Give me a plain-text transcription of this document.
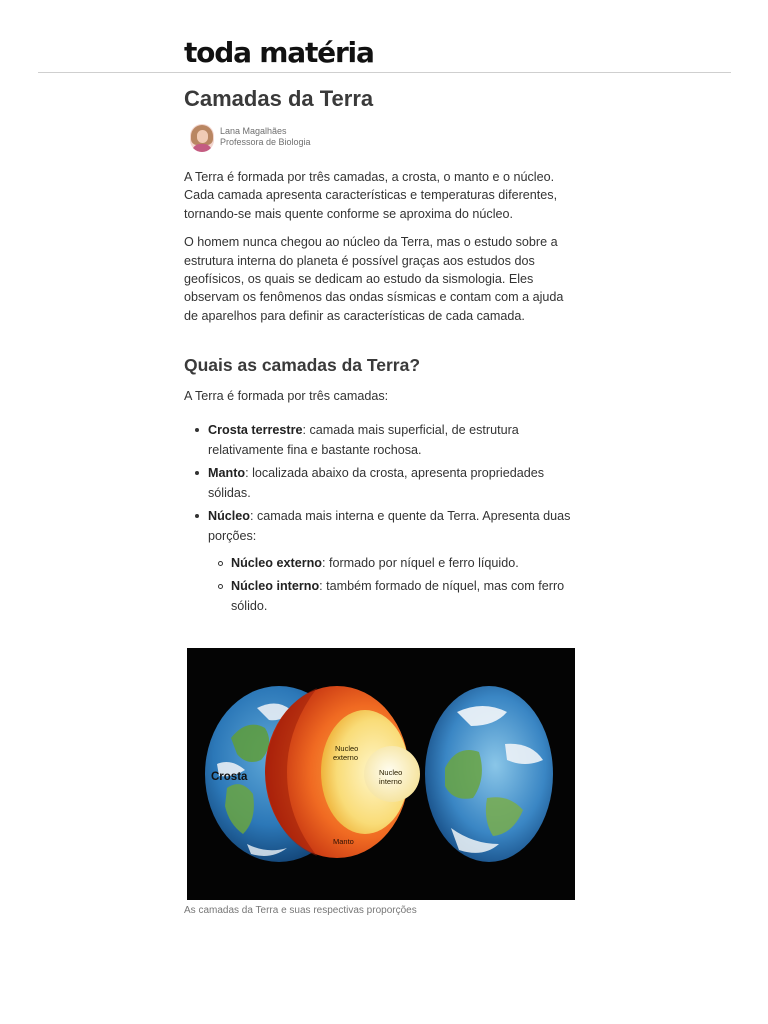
toda matéria
Camadas da Terra
Lana Magalhães
Professora de Biologia

A Terra é formada por três camadas, a crosta, o manto e o núcleo. Cada camada apresenta características e temperaturas diferentes, tornando-se mais quente conforme se aproxima do núcleo.

O homem nunca chegou ao núcleo da Terra, mas o estudo sobre a estrutura interna do planeta é possível graças aos estudos dos geofísicos, os quais se dedicam ao estudo da sismologia. Eles observam os fenômenos das ondas sísmicas e contam com a ajuda de aparelhos para definir as características de cada camada.

Quais as camadas da Terra?

A Terra é formada por três camadas:

Crosta terrestre: camada mais superficial, de estrutura relativamente fina e bastante rochosa.
Manto: localizada abaixo da crosta, apresenta propriedades sólidas.
Núcleo: camada mais interna e quente da Terra. Apresenta duas porções:
Núcleo externo: formado por níquel e ferro líquido.
Núcleo interno: também formado de níquel, mas com ferro sólido.
Crosta
Manto
Nucleo
externo
Nucleo
interno
As camadas da Terra e suas respectivas proporções
